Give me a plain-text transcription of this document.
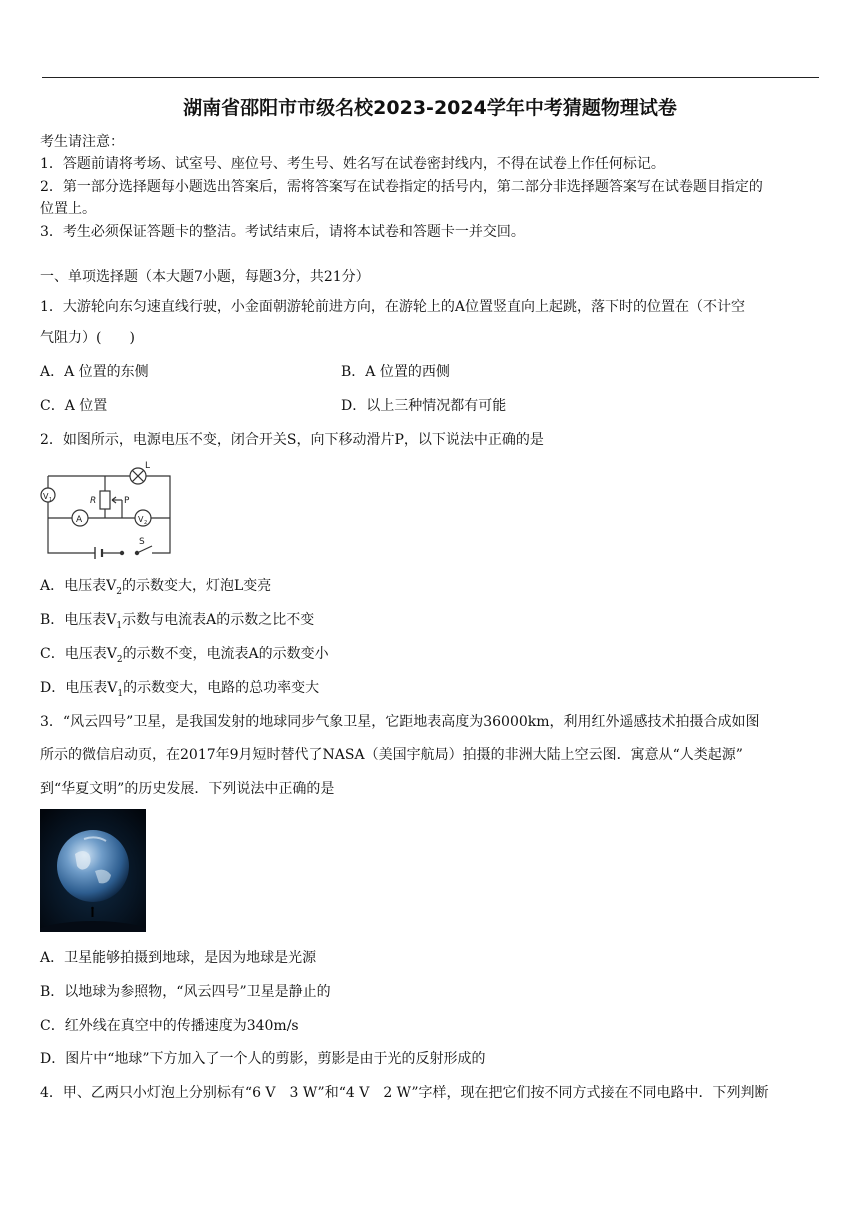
湖南省邵阳市市级名校2023-2024学年中考猜题物理试卷
考生请注意：
1．答题前请将考场、试室号、座位号、考生号、姓名写在试卷密封线内，不得在试卷上作任何标记。
2．第一部分选择题每小题选出答案后，需将答案写在试卷指定的括号内，第二部分非选择题答案写在试卷题目指定的
位置上。
3．考生必须保证答题卡的整洁。考试结束后，请将本试卷和答题卡一并交回。
一、单项选择题（本大题7小题，每题3分，共21分）
1．大游轮向东匀速直线行驶，小金面朝游轮前进方向，在游轮上的A位置竖直向上起跳，落下时的位置在（不计空
气阻力）(　　)
A．A 位置的东侧	B．A 位置的西侧
C．A 位置	D．以上三种情况都有可能
2．如图所示，电源电压不变，闭合开关S，向下移动滑片P，以下说法中正确的是
L
R	P
S
V 1
A	V 2
A．电压表$V_2$的示数变大，灯泡L变亮
B．电压表$V_1$示数与电流表A的示数之比不变
C．电压表$V_2$的示数不变，电流表A的示数变小
D．电压表$V_1$的示数变大，电路的总功率变大
3．“风云四号”卫星，是我国发射的地球同步气象卫星，它距地表高度为36000km，利用红外遥感技术拍摄合成如图
所示的微信启动页，在2017年9月短时替代了NASA（美国宇航局）拍摄的非洲大陆上空云图．寓意从“人类起源”
到“华夏文明”的历史发展．下列说法中正确的是
A．卫星能够拍摄到地球，是因为地球是光源
B．以地球为参照物，“风云四号”卫星是静止的
C．红外线在真空中的传播速度为340m/s
D．图片中“地球”下方加入了一个人的剪影，剪影是由于光的反射形成的
4．甲、乙两只小灯泡上分别标有“6 V　3 W”和“4 V　2 W”字样，现在把它们按不同方式接在不同电路中．下列判断
